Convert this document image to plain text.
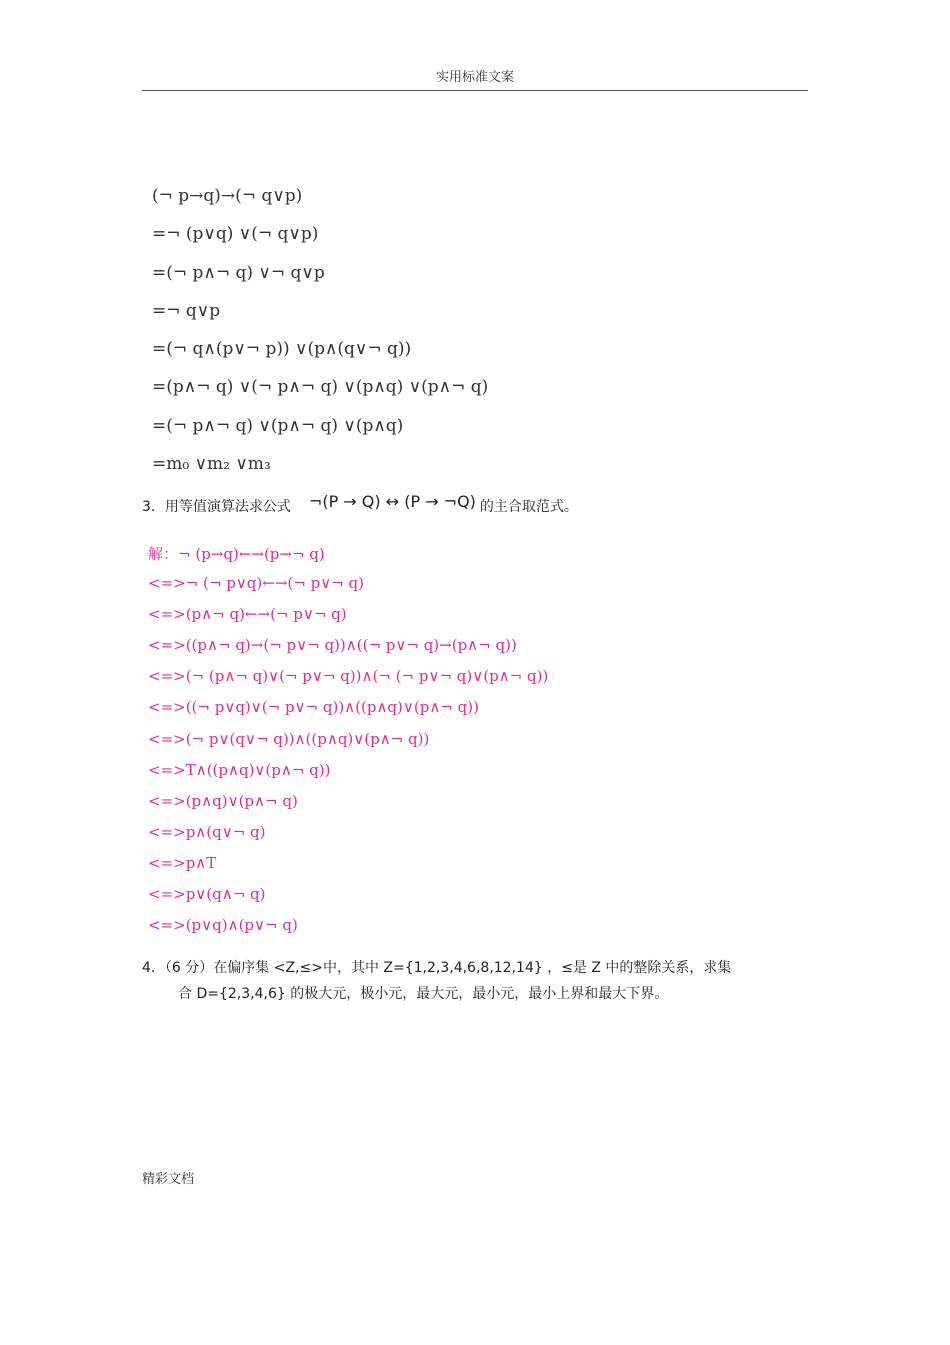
实用标准文案
(¬ p→q)→(¬ q∨p)
=¬ (p∨q) ∨(¬ q∨p)
=(¬ p∧¬ q) ∨¬ q∨p
=¬ q∨p
=(¬ q∧(p∨¬ p)) ∨(p∧(q∨¬ q))
=(p∧¬ q) ∨(¬ p∧¬ q) ∨(p∧q) ∨(p∧¬ q)
=(¬ p∧¬ q) ∨(p∧¬ q) ∨(p∧q)
=m₀ ∨m₂ ∨m₃
3．用等值演算法求公式 ¬(P → Q) ↔ (P → ¬Q) 的主合取范式。
解：¬ (p→q)←→(p→¬ q)
<=>¬ (¬ p∨q)←→(¬ p∨¬ q)
<=>(p∧¬ q)←→(¬ p∨¬ q)
<=>((p∧¬ q)→(¬ p∨¬ q))∧((¬ p∨¬ q)→(p∧¬ q))
<=>(¬ (p∧¬ q)∨(¬ p∨¬ q))∧(¬ (¬ p∨¬ q)∨(p∧¬ q))
<=>((¬ p∨q)∨(¬ p∨¬ q))∧((p∧q)∨(p∧¬ q))
<=>(¬ p∨(q∨¬ q))∧((p∧q)∨(p∧¬ q))
<=>T∧((p∧q)∨(p∧¬ q))
<=>(p∧q)∨(p∧¬ q)
<=>p∧(q∨¬ q)
<=>p∧T
<=>p∨(q∧¬ q)
<=>(p∨q)∧(p∨¬ q)
4．（6 分）在偏序集 <Z,≤>中，其中 Z={1,2,3,4,6,8,12,14} ，≤是 Z 中的整除关系，求集
合 D={2,3,4,6} 的极大元，极小元，最大元，最小元，最小上界和最大下界。
精彩文档
